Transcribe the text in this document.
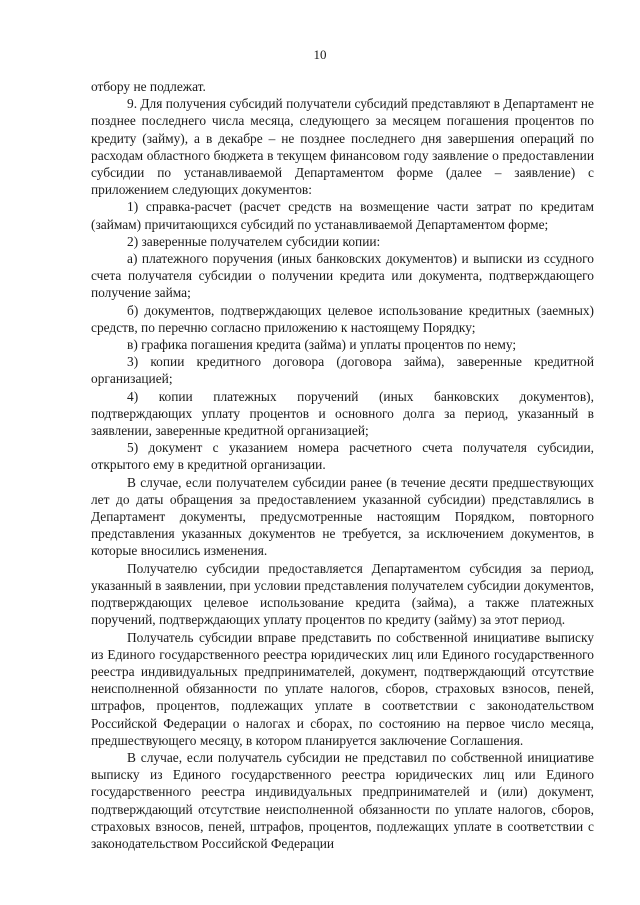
10

отбору не подлежат.

9. Для получения субсидий получатели субсидий представляют в Департамент не позднее последнего числа месяца, следующего за месяцем погашения процентов по кредиту (займу), а в декабре – не позднее последнего дня завершения операций по расходам областного бюджета в текущем финансовом году заявление о предоставлении субсидии по устанавливаемой Департаментом форме (далее – заявление) с приложением следующих документов:

1) справка-расчет (расчет средств на возмещение части затрат по кредитам (займам) причитающихся субсидий по устанавливаемой Департаментом форме;

2) заверенные получателем субсидии копии:

а) платежного поручения (иных банковских документов) и выписки из ссудного счета получателя субсидии о получении кредита или документа, подтверждающего получение займа;

б) документов, подтверждающих целевое использование кредитных (заемных) средств, по перечню согласно приложению к настоящему Порядку;

в) графика погашения кредита (займа) и уплаты процентов по нему;

3) копии кредитного договора (договора займа), заверенные кредитной организацией;

4) копии платежных поручений (иных банковских документов), подтверждающих уплату процентов и основного долга за период, указанный в заявлении, заверенные кредитной организацией;

5) документ с указанием номера расчетного счета получателя субсидии, открытого ему в кредитной организации.

В случае, если получателем субсидии ранее (в течение десяти предшествующих лет до даты обращения за предоставлением указанной субсидии) представлялись в Департамент документы, предусмотренные настоящим Порядком, повторного представления указанных документов не требуется, за исключением документов, в которые вносились изменения.

Получателю субсидии предоставляется Департаментом субсидия за период, указанный в заявлении, при условии представления получателем субсидии документов, подтверждающих целевое использование кредита (займа), а также платежных поручений, подтверждающих уплату процентов по кредиту (займу) за этот период.

Получатель субсидии вправе представить по собственной инициативе выписку из Единого государственного реестра юридических лиц или Единого государственного реестра индивидуальных предпринимателей, документ, подтверждающий отсутствие неисполненной обязанности по уплате налогов, сборов, страховых взносов, пеней, штрафов, процентов, подлежащих уплате в соответствии с законодательством Российской Федерации о налогах и сборах, по состоянию на первое число месяца, предшествующего месяцу, в котором планируется заключение Соглашения.

В случае, если получатель субсидии не представил по собственной инициативе выписку из Единого государственного реестра юридических лиц или Единого государственного реестра индивидуальных предпринимателей и (или) документ, подтверждающий отсутствие неисполненной обязанности по уплате налогов, сборов, страховых взносов, пеней, штрафов, процентов, подлежащих уплате в соответствии с законодательством Российской Федерации
